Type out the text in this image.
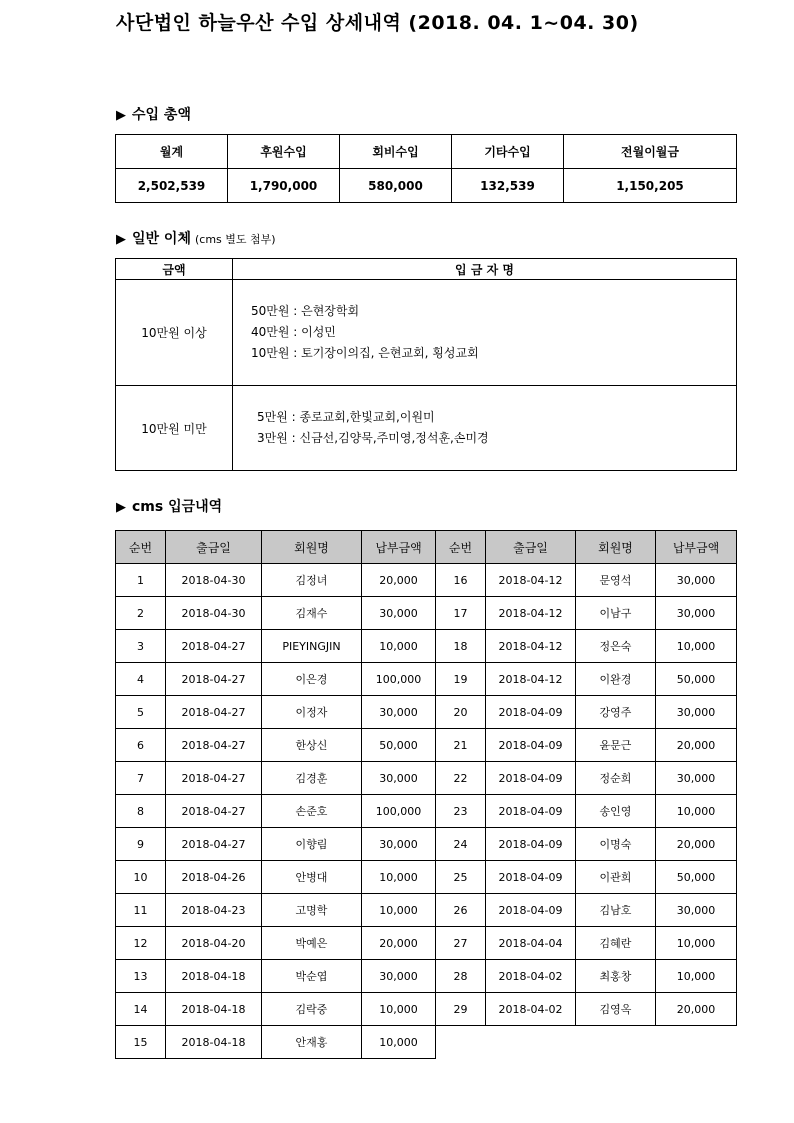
사단법인 하늘우산 수입 상세내역 (2018. 04. 1~04. 30)
▶ 수입 총액
월계	후원수입	회비수입	기타수입	전월이월금
2,502,539	1,790,000	580,000	132,539	1,150,205
▶ 일반 이체 (cms 별도 첨부)
금액	입 금 자 명
10만원 이상	50만원 : 은현장학회
40만원 : 이성민
10만원 : 토기장이의집, 은현교회, 횡성교회

10만원 미만	5만원 : 종로교회,한빛교회,이원미
3만원 : 신금선,김양묵,주미영,정석훈,손미경
▶ cms 입금내역
순번	출금일	회원명	납부금액	순번	출금일	회원명	납부금액
1	2018-04-30	김정녀	20,000	16	2018-04-12	문영석	30,000
2	2018-04-30	김재수	30,000	17	2018-04-12	이남구	30,000
3	2018-04-27	PIEYINGJIN	10,000	18	2018-04-12	정은숙	10,000
4	2018-04-27	이은경	100,000	19	2018-04-12	이완경	50,000
5	2018-04-27	이정자	30,000	20	2018-04-09	강영주	30,000
6	2018-04-27	한상신	50,000	21	2018-04-09	윤문근	20,000
7	2018-04-27	김경훈	30,000	22	2018-04-09	정순희	30,000
8	2018-04-27	손준호	100,000	23	2018-04-09	송인영	10,000
9	2018-04-27	이향림	30,000	24	2018-04-09	이명숙	20,000
10	2018-04-26	안병대	10,000	25	2018-04-09	이관희	50,000
11	2018-04-23	고명학	10,000	26	2018-04-09	김남호	30,000
12	2018-04-20	박예은	20,000	27	2018-04-04	김혜란	10,000
13	2018-04-18	박순엽	30,000	28	2018-04-02	최홍창	10,000
14	2018-04-18	김락중	10,000	29	2018-04-02	김영옥	20,000
15	2018-04-18	안재홍	10,000				
